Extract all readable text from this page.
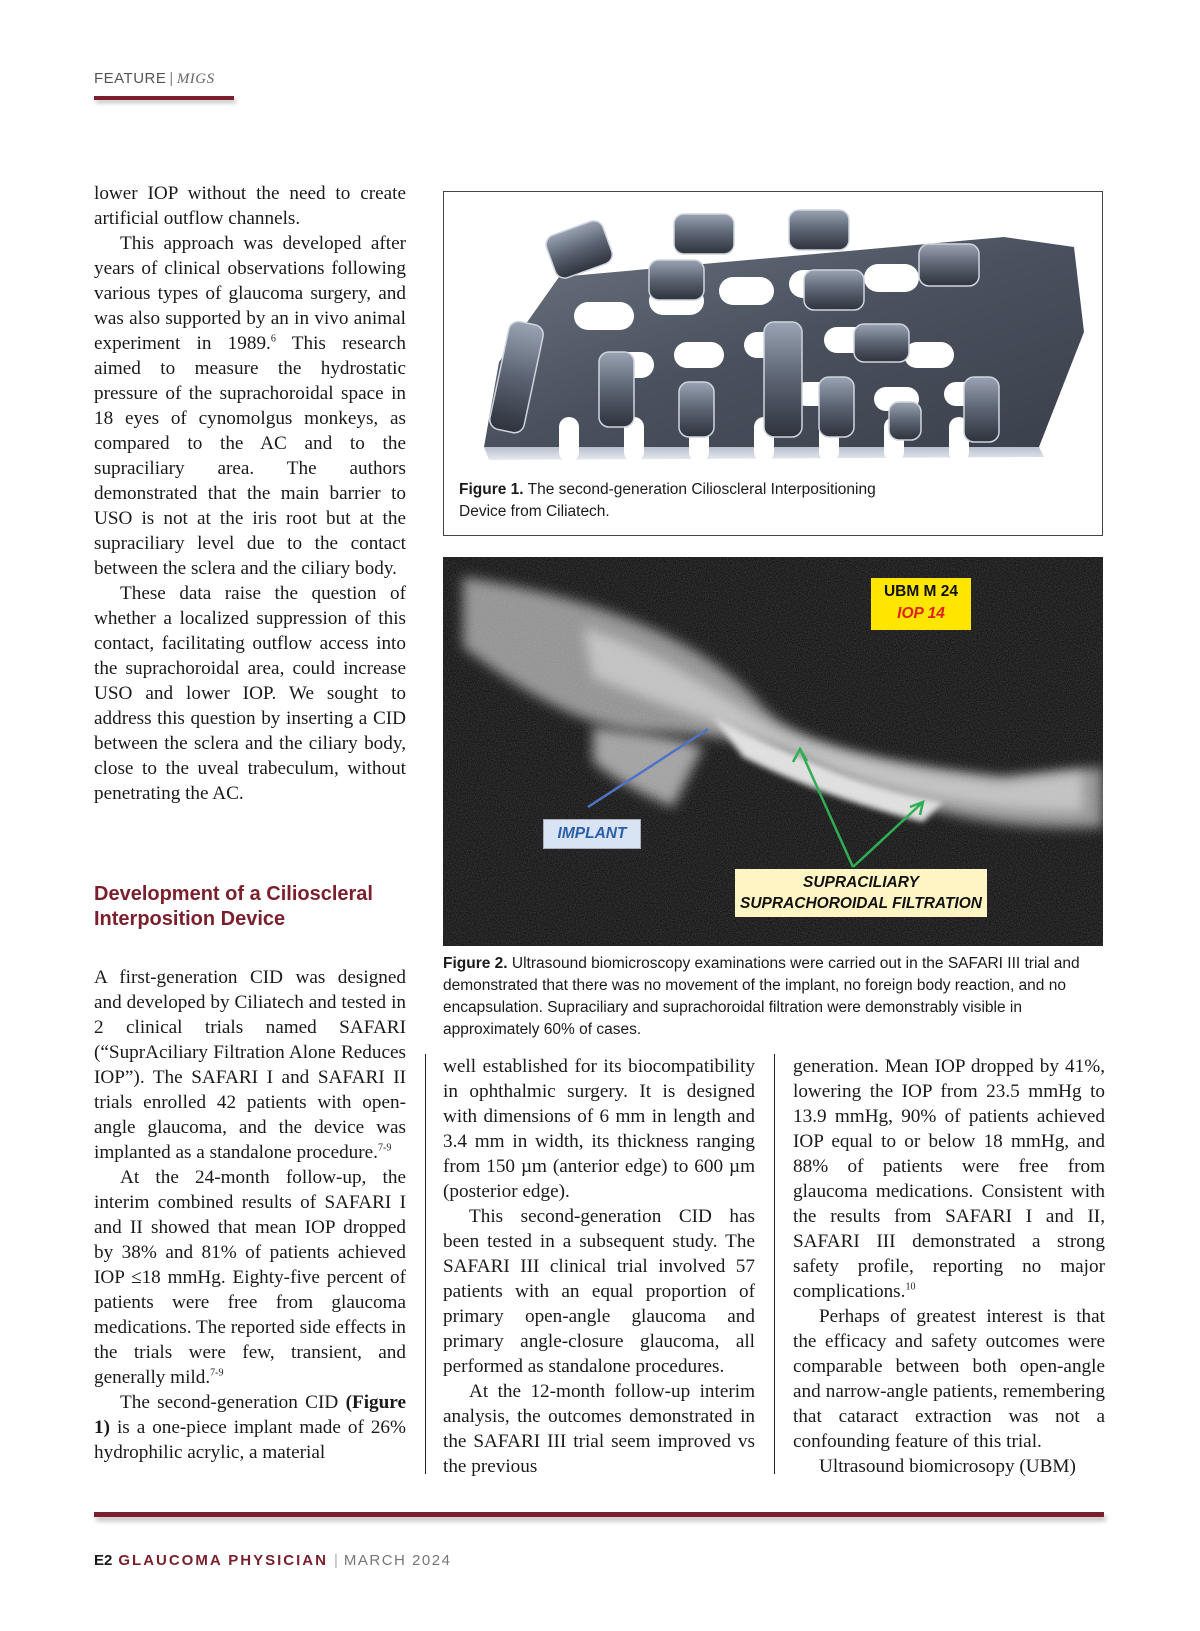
FEATURE | MIGS

lower IOP without the need to create artificial outflow channels.

This approach was developed after years of clinical observations following various types of glaucoma surgery, and was also supported by an in vivo animal experiment in 1989.$^6$ This research aimed to measure the hydrostatic pressure of the suprachoroidal space in 18 eyes of cynomolgus monkeys, as compared to the AC and to the supraciliary area. The authors demonstrated that the main barrier to USO is not at the iris root but at the supraciliary level due to the contact between the sclera and the ciliary body.

These data raise the question of whether a localized suppression of this contact, facilitating outflow access into the suprachoroidal area, could increase USO and lower IOP. We sought to address this question by inserting a CID between the sclera and the ciliary body, close to the uveal trabeculum, without penetrating the AC.

Development of a Cilioscleral Interposition Device

A first-generation CID was designed and developed by Ciliatech and tested in 2 clinical trials named SAFARI (“SuprAciliary Filtration Alone Reduces IOP”). The SAFARI I and SAFARI II trials enrolled 42 patients with open-angle glaucoma, and the device was implanted as a standalone procedure.$^{7-9}$

At the 24-month follow-up, the interim combined results of SAFARI I and II showed that mean IOP dropped by 38% and 81% of patients achieved IOP ≤18 mmHg. Eighty-five percent of patients were free from glaucoma medications. The reported side effects in the trials were few, transient, and generally mild.$^{7-9}$

The second-generation CID (Figure 1) is a one-piece implant made of 26% hydrophilic acrylic, a material

well established for its biocompatibility in ophthalmic surgery. It is designed with dimensions of 6 mm in length and 3.4 mm in width, its thickness ranging from 150 µm (anterior edge) to 600 µm (posterior edge).

This second-generation CID has been tested in a subsequent study. The SAFARI III clinical trial involved 57 patients with an equal proportion of primary open-angle glaucoma and primary angle-closure glaucoma, all performed as standalone procedures.

At the 12-month follow-up interim analysis, the outcomes demonstrated in the SAFARI III trial seem improved vs the previous

generation. Mean IOP dropped by 41%, lowering the IOP from 23.5 mmHg to 13.9 mmHg, 90% of patients achieved IOP equal to or below 18 mmHg, and 88% of patients were free from glaucoma medications. Consistent with the results from SAFARI I and II, SAFARI III demonstrated a strong safety profile, reporting no major complications.$^{10}$

Perhaps of greatest interest is that the efficacy and safety outcomes were comparable between both open-angle and narrow-angle patients, remembering that cataract extraction was not a confounding feature of this trial.

Ultrasound biomicrosopy (UBM)

Figure 1. The second-generation Cilioscleral Interpositioning Device from Ciliatech.
UBM M 24
IOP 14
IMPLANT
SUPRACILIARY
SUPRACHOROIDAL FILTRATION
Figure 2. Ultrasound biomicroscopy examinations were carried out in the SAFARI III trial and demonstrated that there was no movement of the implant, no foreign body reaction, and no encapsulation. Supraciliary and suprachoroidal filtration were demonstrably visible in approximately 60% of cases.
E2 GLAUCOMA PHYSICIAN | MARCH 2024
